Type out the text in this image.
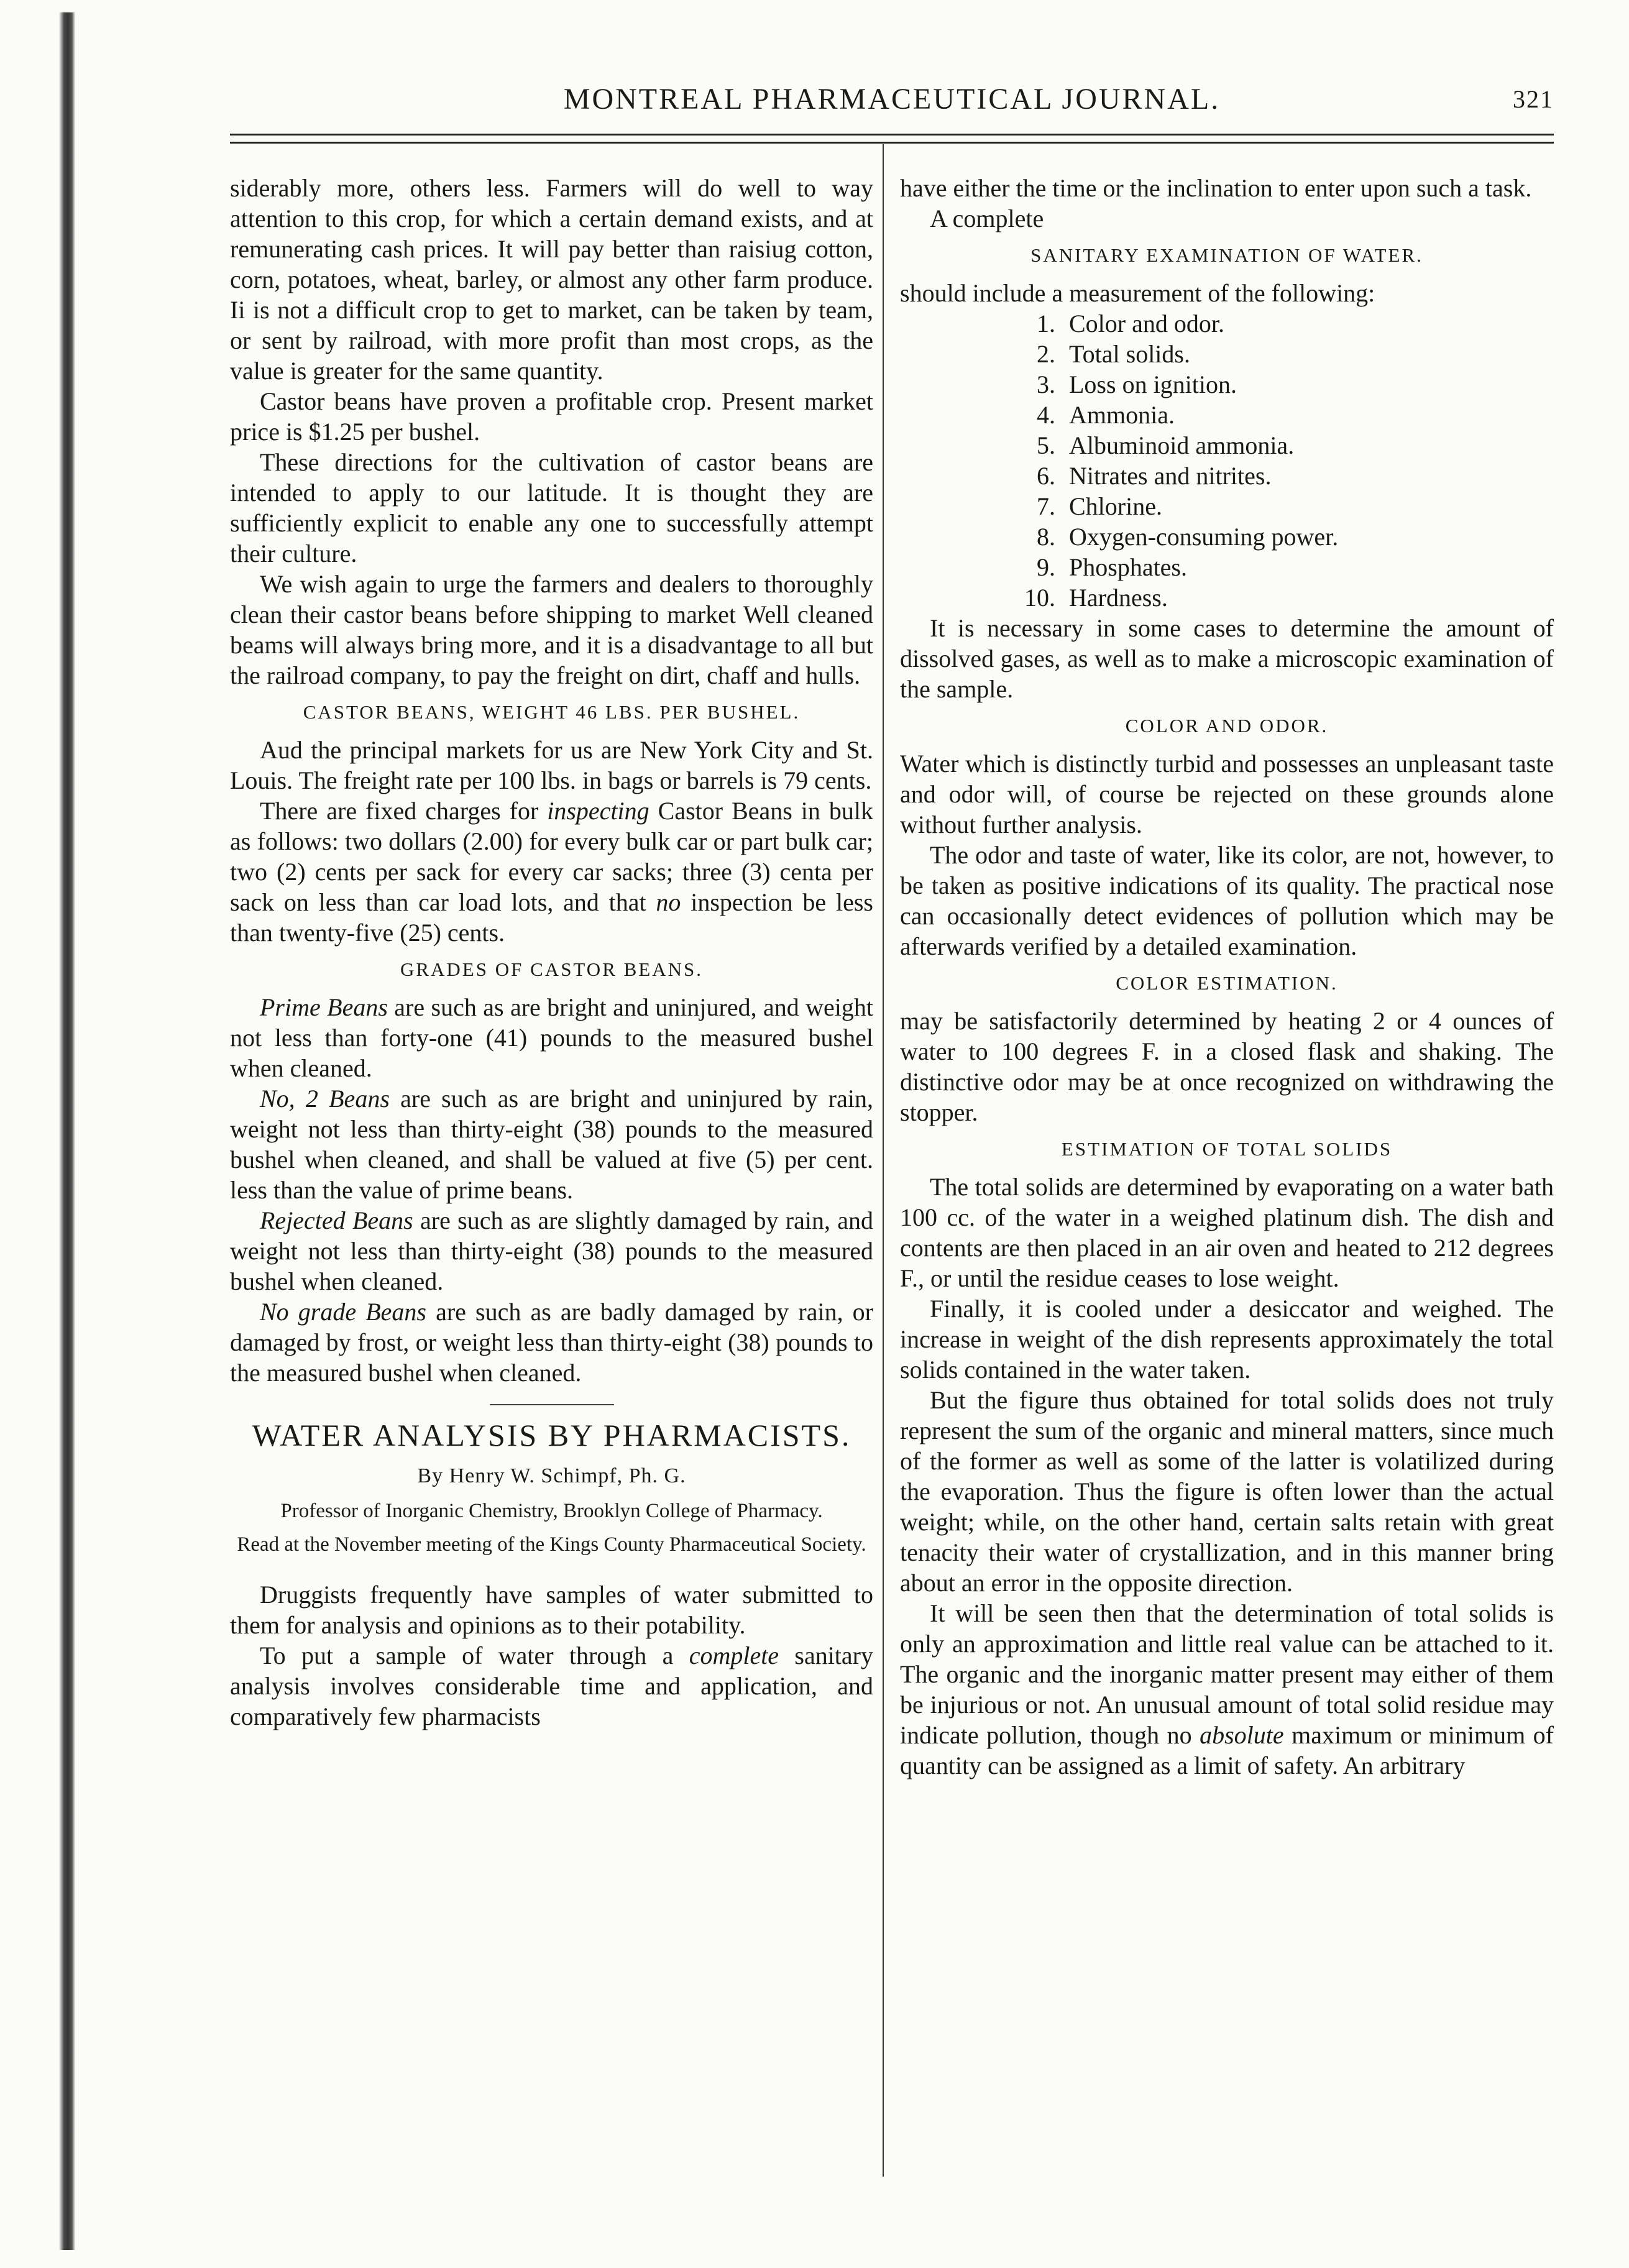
MONTREAL PHARMACEUTICAL JOURNAL.	321

siderably more, others less. Farmers will do well to way attention to this crop, for which a certain demand exists, and at remunerating cash prices. It will pay better than raisiug cotton, corn, potatoes, wheat, barley, or almost any other farm produce. Ii is not a difficult crop to get to market, can be taken by team, or sent by railroad, with more profit than most crops, as the value is greater for the same quantity.

Castor beans have proven a profitable crop. Present market price is $1.25 per bushel.

These directions for the cultivation of castor beans are intended to apply to our latitude. It is thought they are sufficiently explicit to enable any one to successfully attempt their culture.

We wish again to urge the farmers and dealers to thoroughly clean their castor beans before shipping to market Well cleaned beams will always bring more, and it is a disadvantage to all but the railroad company, to pay the freight on dirt, chaff and hulls.

CASTOR BEANS, WEIGHT 46 LBS. PER BUSHEL.

Aud the principal markets for us are New York City and St. Louis. The freight rate per 100 lbs. in bags or barrels is 79 cents.

There are fixed charges for inspecting Castor Beans in bulk as follows: two dollars (2.00) for every bulk car or part bulk car; two (2) cents per sack for every car sacks; three (3) centa per sack on less than car load lots, and that no inspection be less than twenty-five (25) cents.

GRADES OF CASTOR BEANS.

Prime Beans are such as are bright and uninjured, and weight not less than forty-one (41) pounds to the measured bushel when cleaned.

No, 2 Beans are such as are bright and uninjured by rain, weight not less than thirty-eight (38) pounds to the measured bushel when cleaned, and shall be valued at five (5) per cent. less than the value of prime beans.

Rejected Beans are such as are slightly damaged by rain, and weight not less than thirty-eight (38) pounds to the measured bushel when cleaned.

No grade Beans are such as are badly damaged by rain, or damaged by frost, or weight less than thirty-eight (38) pounds to the measured bushel when cleaned.

WATER ANALYSIS BY PHARMACISTS.
By Henry W. Schimpf, Ph. G.
Professor of Inorganic Chemistry, Brooklyn College of Pharmacy.
Read at the November meeting of the Kings County Pharmaceutical Society.

Druggists frequently have samples of water submitted to them for analysis and opinions as to their potability.

To put a sample of water through a complete sanitary analysis involves considerable time and application, and comparatively few pharmacists

have either the time or the inclination to enter upon such a task.

A complete

SANITARY EXAMINATION OF WATER.

should include a measurement of the following:

1. Color and odor.
2. Total solids.
3. Loss on ignition.
4. Ammonia.
5. Albuminoid ammonia.
6. Nitrates and nitrites.
7. Chlorine.
8. Oxygen-consuming power.
9. Phosphates.
10. Hardness.

It is necessary in some cases to determine the amount of dissolved gases, as well as to make a microscopic examination of the sample.

COLOR AND ODOR.

Water which is distinctly turbid and possesses an unpleasant taste and odor will, of course be rejected on these grounds alone without further analysis.

The odor and taste of water, like its color, are not, however, to be taken as positive indications of its quality. The practical nose can occasionally detect evidences of pollution which may be afterwards verified by a detailed examination.

COLOR ESTIMATION.

may be satisfactorily determined by heating 2 or 4 ounces of water to 100 degrees F. in a closed flask and shaking. The distinctive odor may be at once recognized on withdrawing the stopper.

ESTIMATION OF TOTAL SOLIDS

The total solids are determined by evaporating on a water bath 100 cc. of the water in a weighed platinum dish. The dish and contents are then placed in an air oven and heated to 212 degrees F., or until the residue ceases to lose weight.

Finally, it is cooled under a desiccator and weighed. The increase in weight of the dish represents approximately the total solids contained in the water taken.

But the figure thus obtained for total solids does not truly represent the sum of the organic and mineral matters, since much of the former as well as some of the latter is volatilized during the evaporation. Thus the figure is often lower than the actual weight; while, on the other hand, certain salts retain with great tenacity their water of crystallization, and in this manner bring about an error in the opposite direction.

It will be seen then that the determination of total solids is only an approximation and little real value can be attached to it. The organic and the inorganic matter present may either of them be injurious or not. An unusual amount of total solid residue may indicate pollution, though no absolute maximum or minimum of quantity can be assigned as a limit of safety. An arbitrary
